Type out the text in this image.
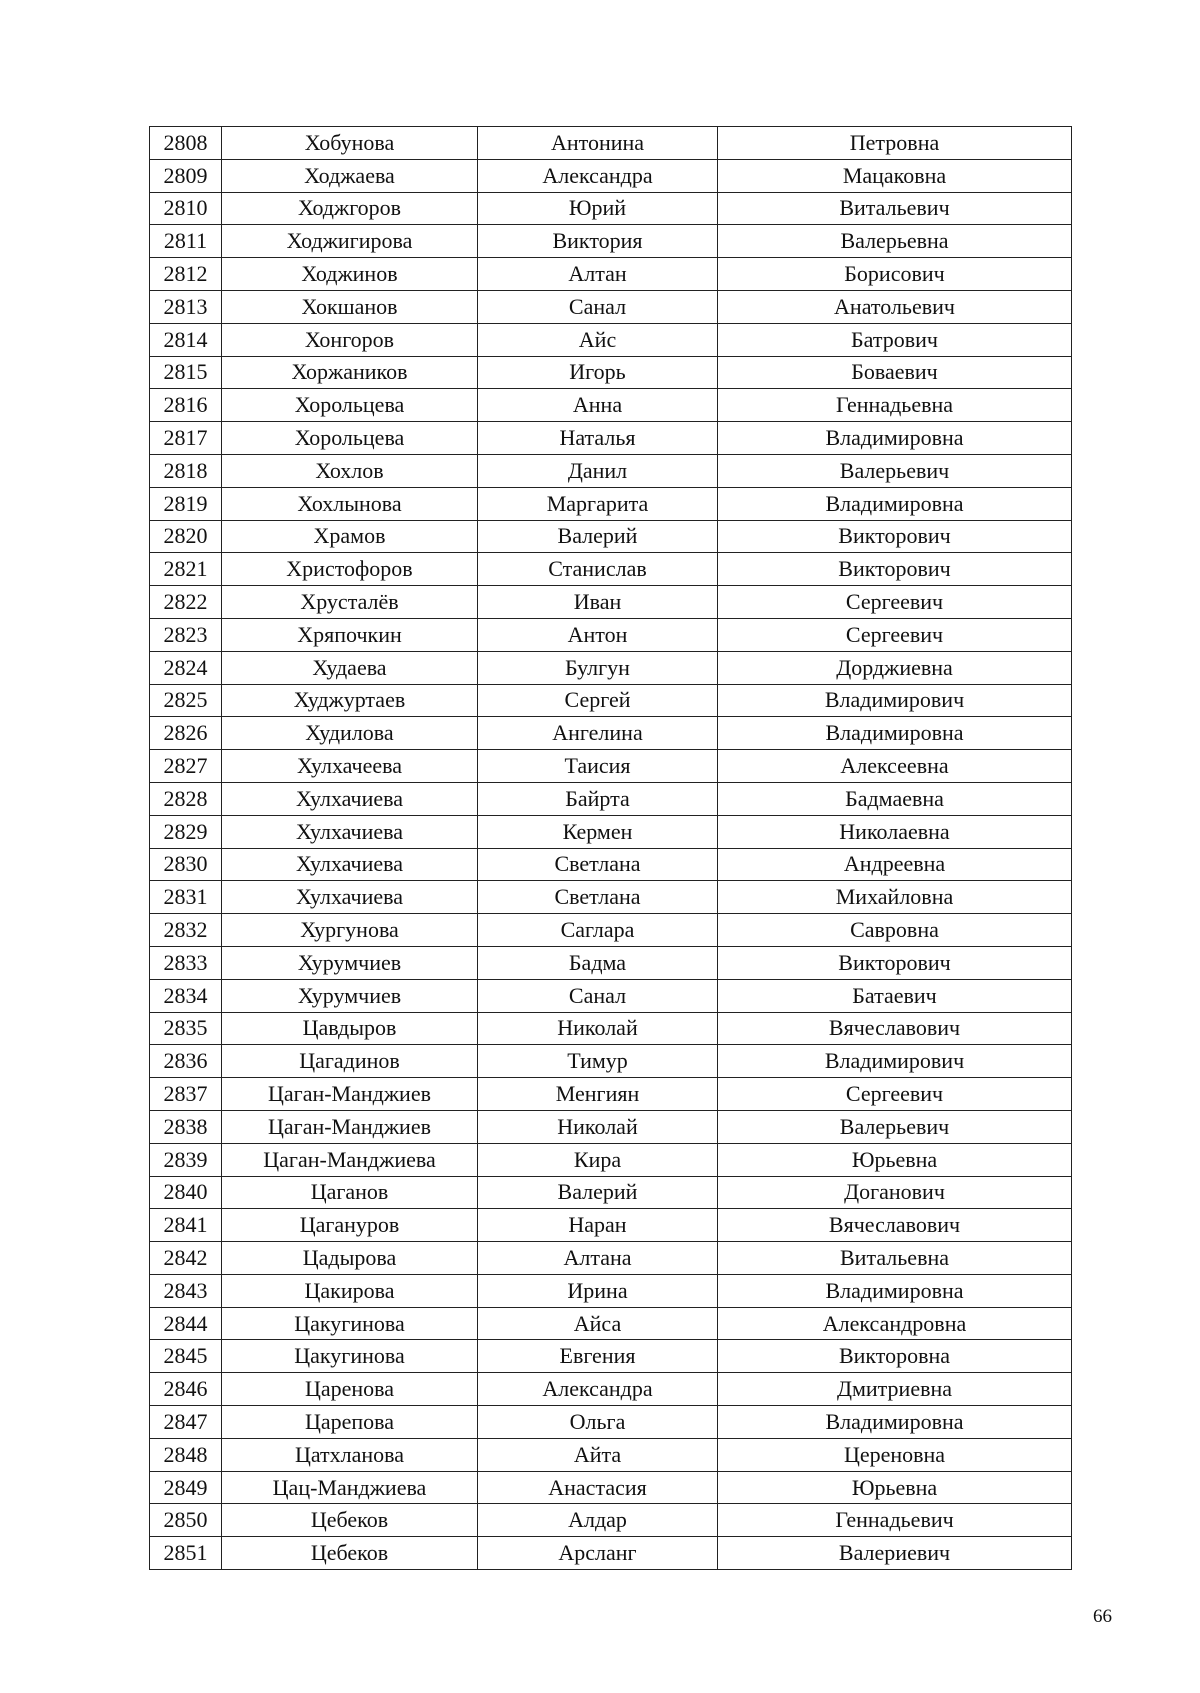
2808	Хобунова	Антонина	Петровна
2809	Ходжаева	Александра	Мацаковна
2810	Ходжгоров	Юрий	Витальевич
2811	Ходжигирова	Виктория	Валерьевна
2812	Ходжинов	Алтан	Борисович
2813	Хокшанов	Санал	Анатольевич
2814	Хонгоров	Айс	Батрович
2815	Хоржаников	Игорь	Боваевич
2816	Хорольцева	Анна	Геннадьевна
2817	Хорольцева	Наталья	Владимировна
2818	Хохлов	Данил	Валерьевич
2819	Хохлынова	Маргарита	Владимировна
2820	Храмов	Валерий	Викторович
2821	Христофоров	Станислав	Викторович
2822	Хрусталёв	Иван	Сергеевич
2823	Хряпочкин	Антон	Сергеевич
2824	Худаева	Булгун	Дорджиевна
2825	Худжуртаев	Сергей	Владимирович
2826	Худилова	Ангелина	Владимировна
2827	Хулхачеева	Таисия	Алексеевна
2828	Хулхачиева	Байрта	Бадмаевна
2829	Хулхачиева	Кермен	Николаевна
2830	Хулхачиева	Светлана	Андреевна
2831	Хулхачиева	Светлана	Михайловна
2832	Хургунова	Саглара	Савровна
2833	Хурумчиев	Бадма	Викторович
2834	Хурумчиев	Санал	Батаевич
2835	Цавдыров	Николай	Вячеславович
2836	Цагадинов	Тимур	Владимирович
2837	Цаган-Манджиев	Менгиян	Сергеевич
2838	Цаган-Манджиев	Николай	Валерьевич
2839	Цаган-Манджиева	Кира	Юрьевна
2840	Цаганов	Валерий	Доганович
2841	Цагануров	Наран	Вячеславович
2842	Цадырова	Алтана	Витальевна
2843	Цакирова	Ирина	Владимировна
2844	Цакугинова	Айса	Александровна
2845	Цакугинова	Евгения	Викторовна
2846	Царенова	Александра	Дмитриевна
2847	Царепова	Ольга	Владимировна
2848	Цатхланова	Айта	Цереновна
2849	Цац-Манджиева	Анастасия	Юрьевна
2850	Цебеков	Алдар	Геннадьевич
2851	Цебеков	Арсланг	Валериевич
66
